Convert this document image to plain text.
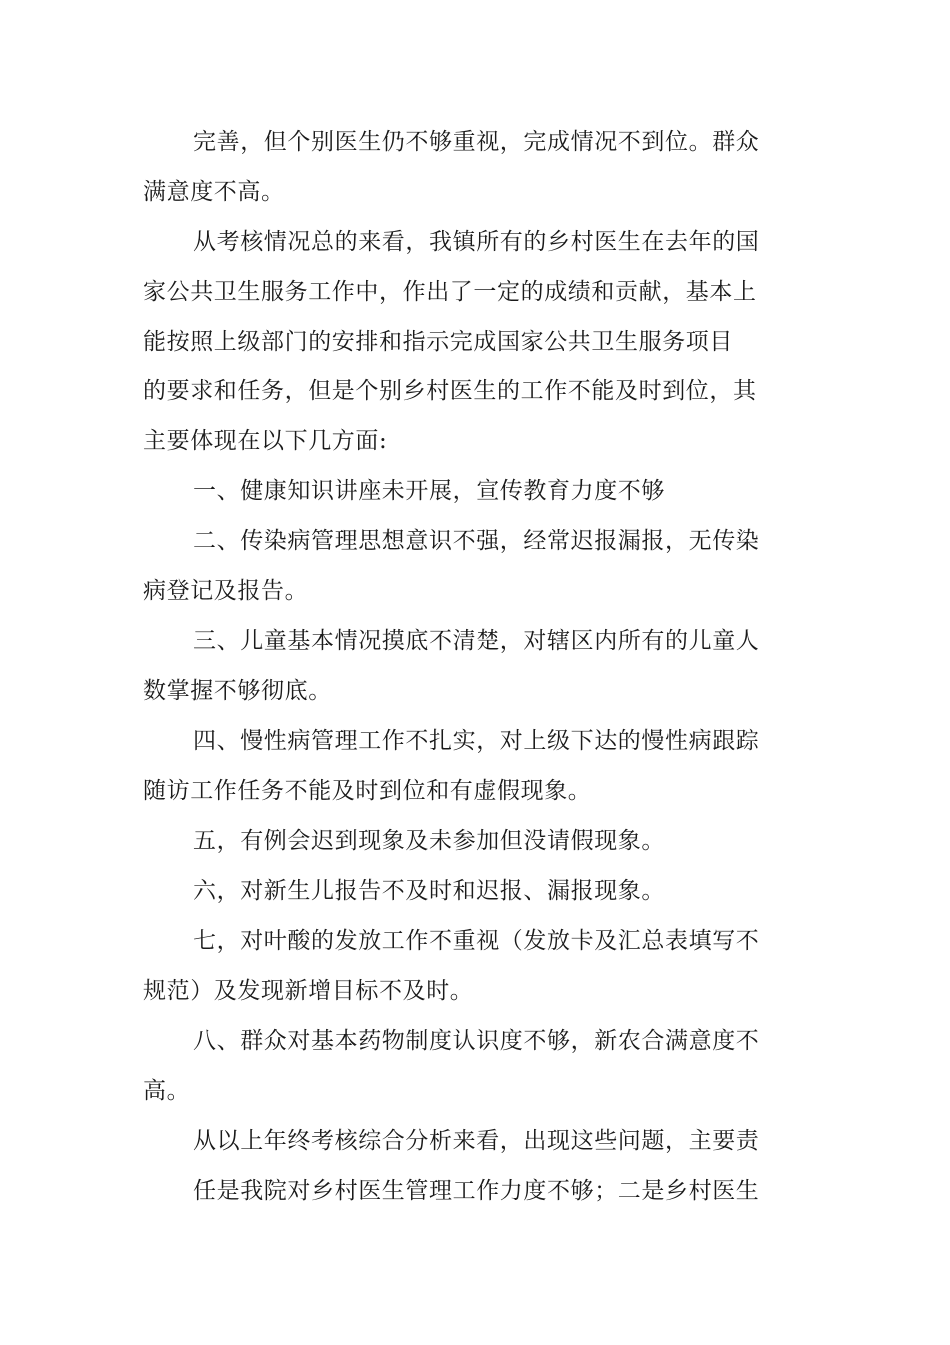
完善，但个别医生仍不够重视，完成情况不到位。群众
满意度不高。
从考核情况总的来看，我镇所有的乡村医生在去年的国
家公共卫生服务工作中，作出了一定的成绩和贡献，基本上
能按照上级部门的安排和指示完成国家公共卫生服务项目
的要求和任务，但是个别乡村医生的工作不能及时到位，其
主要体现在以下几方面:
一、健康知识讲座未开展，宣传教育力度不够
二、传染病管理思想意识不强，经常迟报漏报，无传染
病登记及报告。
三、儿童基本情况摸底不清楚，对辖区内所有的儿童人
数掌握不够彻底。
四、慢性病管理工作不扎实，对上级下达的慢性病跟踪
随访工作任务不能及时到位和有虚假现象。
五，有例会迟到现象及未参加但没请假现象。
六，对新生儿报告不及时和迟报、漏报现象。
七，对叶酸的发放工作不重视（发放卡及汇总表填写不
规范）及发现新增目标不及时。
八、群众对基本药物制度认识度不够，新农合满意度不
高。
从以上年终考核综合分析来看，出现这些问题，主要责
任是我院对乡村医生管理工作力度不够；二是乡村医生
